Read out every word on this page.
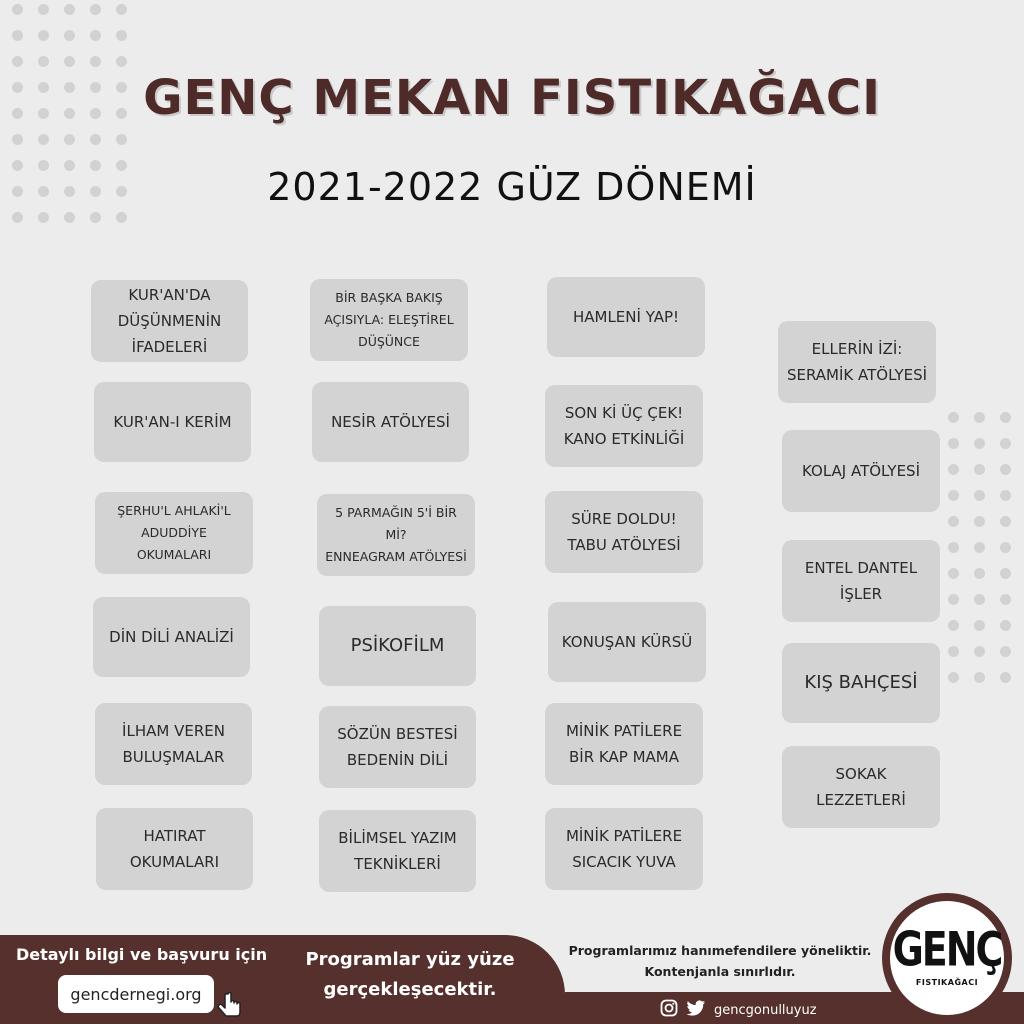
GENÇ MEKAN FISTIKAĞACI
2021-2022 GÜZ DÖNEMİ
KUR'AN'DA
DÜŞÜNMENİN
İFADELERİ
KUR'AN-I KERİM
ŞERHU'L AHLAKİ'L
ADUDDİYE OKUMALARI
DİN DİLİ ANALİZİ
İLHAM VEREN
BULUŞMALAR
HATIRAT
OKUMALARI
BİR BAŞKA BAKIŞ
AÇISIYLA: ELEŞTİREL
DÜŞÜNCE
NESİR ATÖLYESİ
5 PARMAĞIN 5'İ BİR Mİ?
ENNEAGRAM ATÖLYESİ
PSİKOFİLM
SÖZÜN BESTESİ
BEDENİN DİLİ
BİLİMSEL YAZIM
TEKNİKLERİ
HAMLENİ YAP!
SON Kİ ÜÇ ÇEK!
KANO ETKİNLİĞİ
SÜRE DOLDU!
TABU ATÖLYESİ
KONUŞAN KÜRSÜ
MİNİK PATİLERE
BİR KAP MAMA
MİNİK PATİLERE
SICACIK YUVA
ELLERİN İZİ:
SERAMİK ATÖLYESİ
KOLAJ ATÖLYESİ
ENTEL DANTEL
İŞLER
KIŞ BAHÇESİ
SOKAK LEZZETLERİ
Detaylı bilgi ve başvuru için
gencdernegi.org
Programlar yüz yüze
gerçekleşecektir.
Programlarımız hanımefendilere yöneliktir.
Kontenjanla sınırlıdır.
gencgonulluyuz
GENÇ
FISTIKAĞACI
